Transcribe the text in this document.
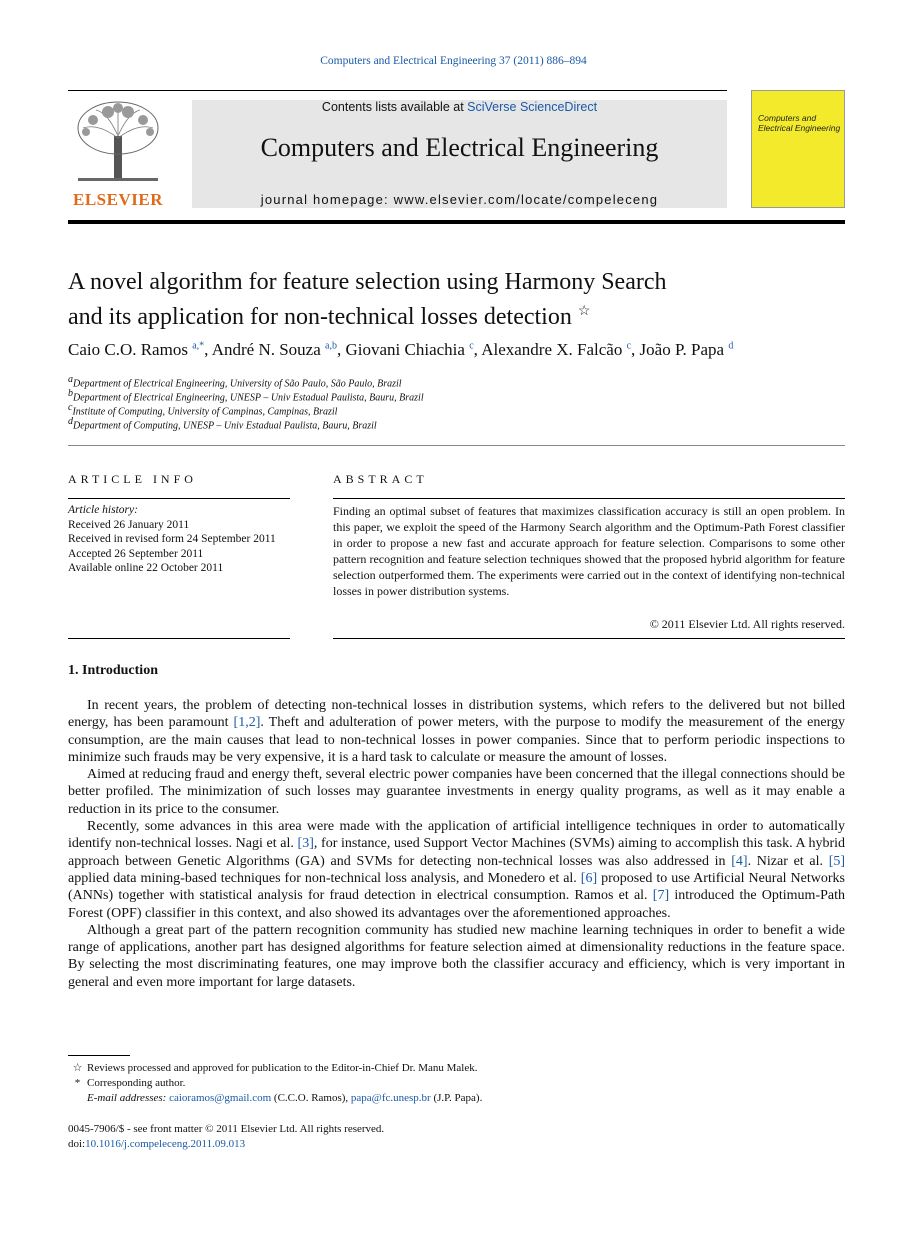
Computers and Electrical Engineering 37 (2011) 886–894
ELSEVIER
Contents lists available at SciVerse ScienceDirect
Computers and Electrical Engineering
journal homepage: www.elsevier.com/locate/compeleceng
Computers and Electrical Engineering
A novel algorithm for feature selection using Harmony Search
and its application for non-technical losses detection ☆
Caio C.O. Ramos $^{a,*}$, André N. Souza $^{a,b}$, Giovani Chiachia $^c$, Alexandre X. Falcão $^c$, João P. Papa $^d$
$^a$Department of Electrical Engineering, University of São Paulo, São Paulo, Brazil
$^b$Department of Electrical Engineering, UNESP – Univ Estadual Paulista, Bauru, Brazil
$^c$Institute of Computing, University of Campinas, Campinas, Brazil
$^d$Department of Computing, UNESP – Univ Estadual Paulista, Bauru, Brazil
ARTICLE INFO	ABSTRACT
Article history:
Received 26 January 2011
Received in revised form 24 September 2011
Accepted 26 September 2011
Available online 22 October 2011
Finding an optimal subset of features that maximizes classification accuracy is still an open problem. In this paper, we exploit the speed of the Harmony Search algorithm and the Optimum-Path Forest classifier in order to propose a new fast and accurate approach for feature selection. Comparisons to some other pattern recognition and feature selection techniques showed that the proposed hybrid algorithm for feature selection outperformed them. The experiments were carried out in the context of identifying non-technical losses in power distribution systems.
© 2011 Elsevier Ltd. All rights reserved.
1. Introduction

In recent years, the problem of detecting non-technical losses in distribution systems, which refers to the delivered but not billed energy, has been paramount [1,2]. Theft and adulteration of power meters, with the purpose to modify the measurement of the energy consumption, are the main causes that lead to non-technical losses in power companies. Since that to perform periodic inspections to minimize such frauds may be very expensive, it is a hard task to calculate or measure the amount of losses.

Aimed at reducing fraud and energy theft, several electric power companies have been concerned that the illegal connections should be better profiled. The minimization of such losses may guarantee investments in energy quality programs, as well as it may enable a reduction in its price to the consumer.

Recently, some advances in this area were made with the application of artificial intelligence techniques in order to automatically identify non-technical losses. Nagi et al. [3], for instance, used Support Vector Machines (SVMs) aiming to accomplish this task. A hybrid approach between Genetic Algorithms (GA) and SVMs for detecting non-technical losses was also addressed in [4]. Nizar et al. [5] applied data mining-based techniques for non-technical loss analysis, and Monedero et al. [6] proposed to use Artificial Neural Networks (ANNs) together with statistical analysis for fraud detection in electrical consumption. Ramos et al. [7] introduced the Optimum-Path Forest (OPF) classifier in this context, and also showed its advantages over the aforementioned approaches.

Although a great part of the pattern recognition community has studied new machine learning techniques in order to benefit a wide range of applications, another part has designed algorithms for feature selection aimed at dimensionality reductions in the feature space. By selecting the most discriminating features, one may improve both the classifier accuracy and efficiency, which is very important in general and even more important for large datasets.

☆ Reviews processed and approved for publication to the Editor-in-Chief Dr. Manu Malek.
* Corresponding author.
E-mail addresses: caioramos@gmail.com (C.C.O. Ramos), papa@fc.unesp.br (J.P. Papa).
0045-7906/$ - see front matter © 2011 Elsevier Ltd. All rights reserved.
doi:10.1016/j.compeleceng.2011.09.013
